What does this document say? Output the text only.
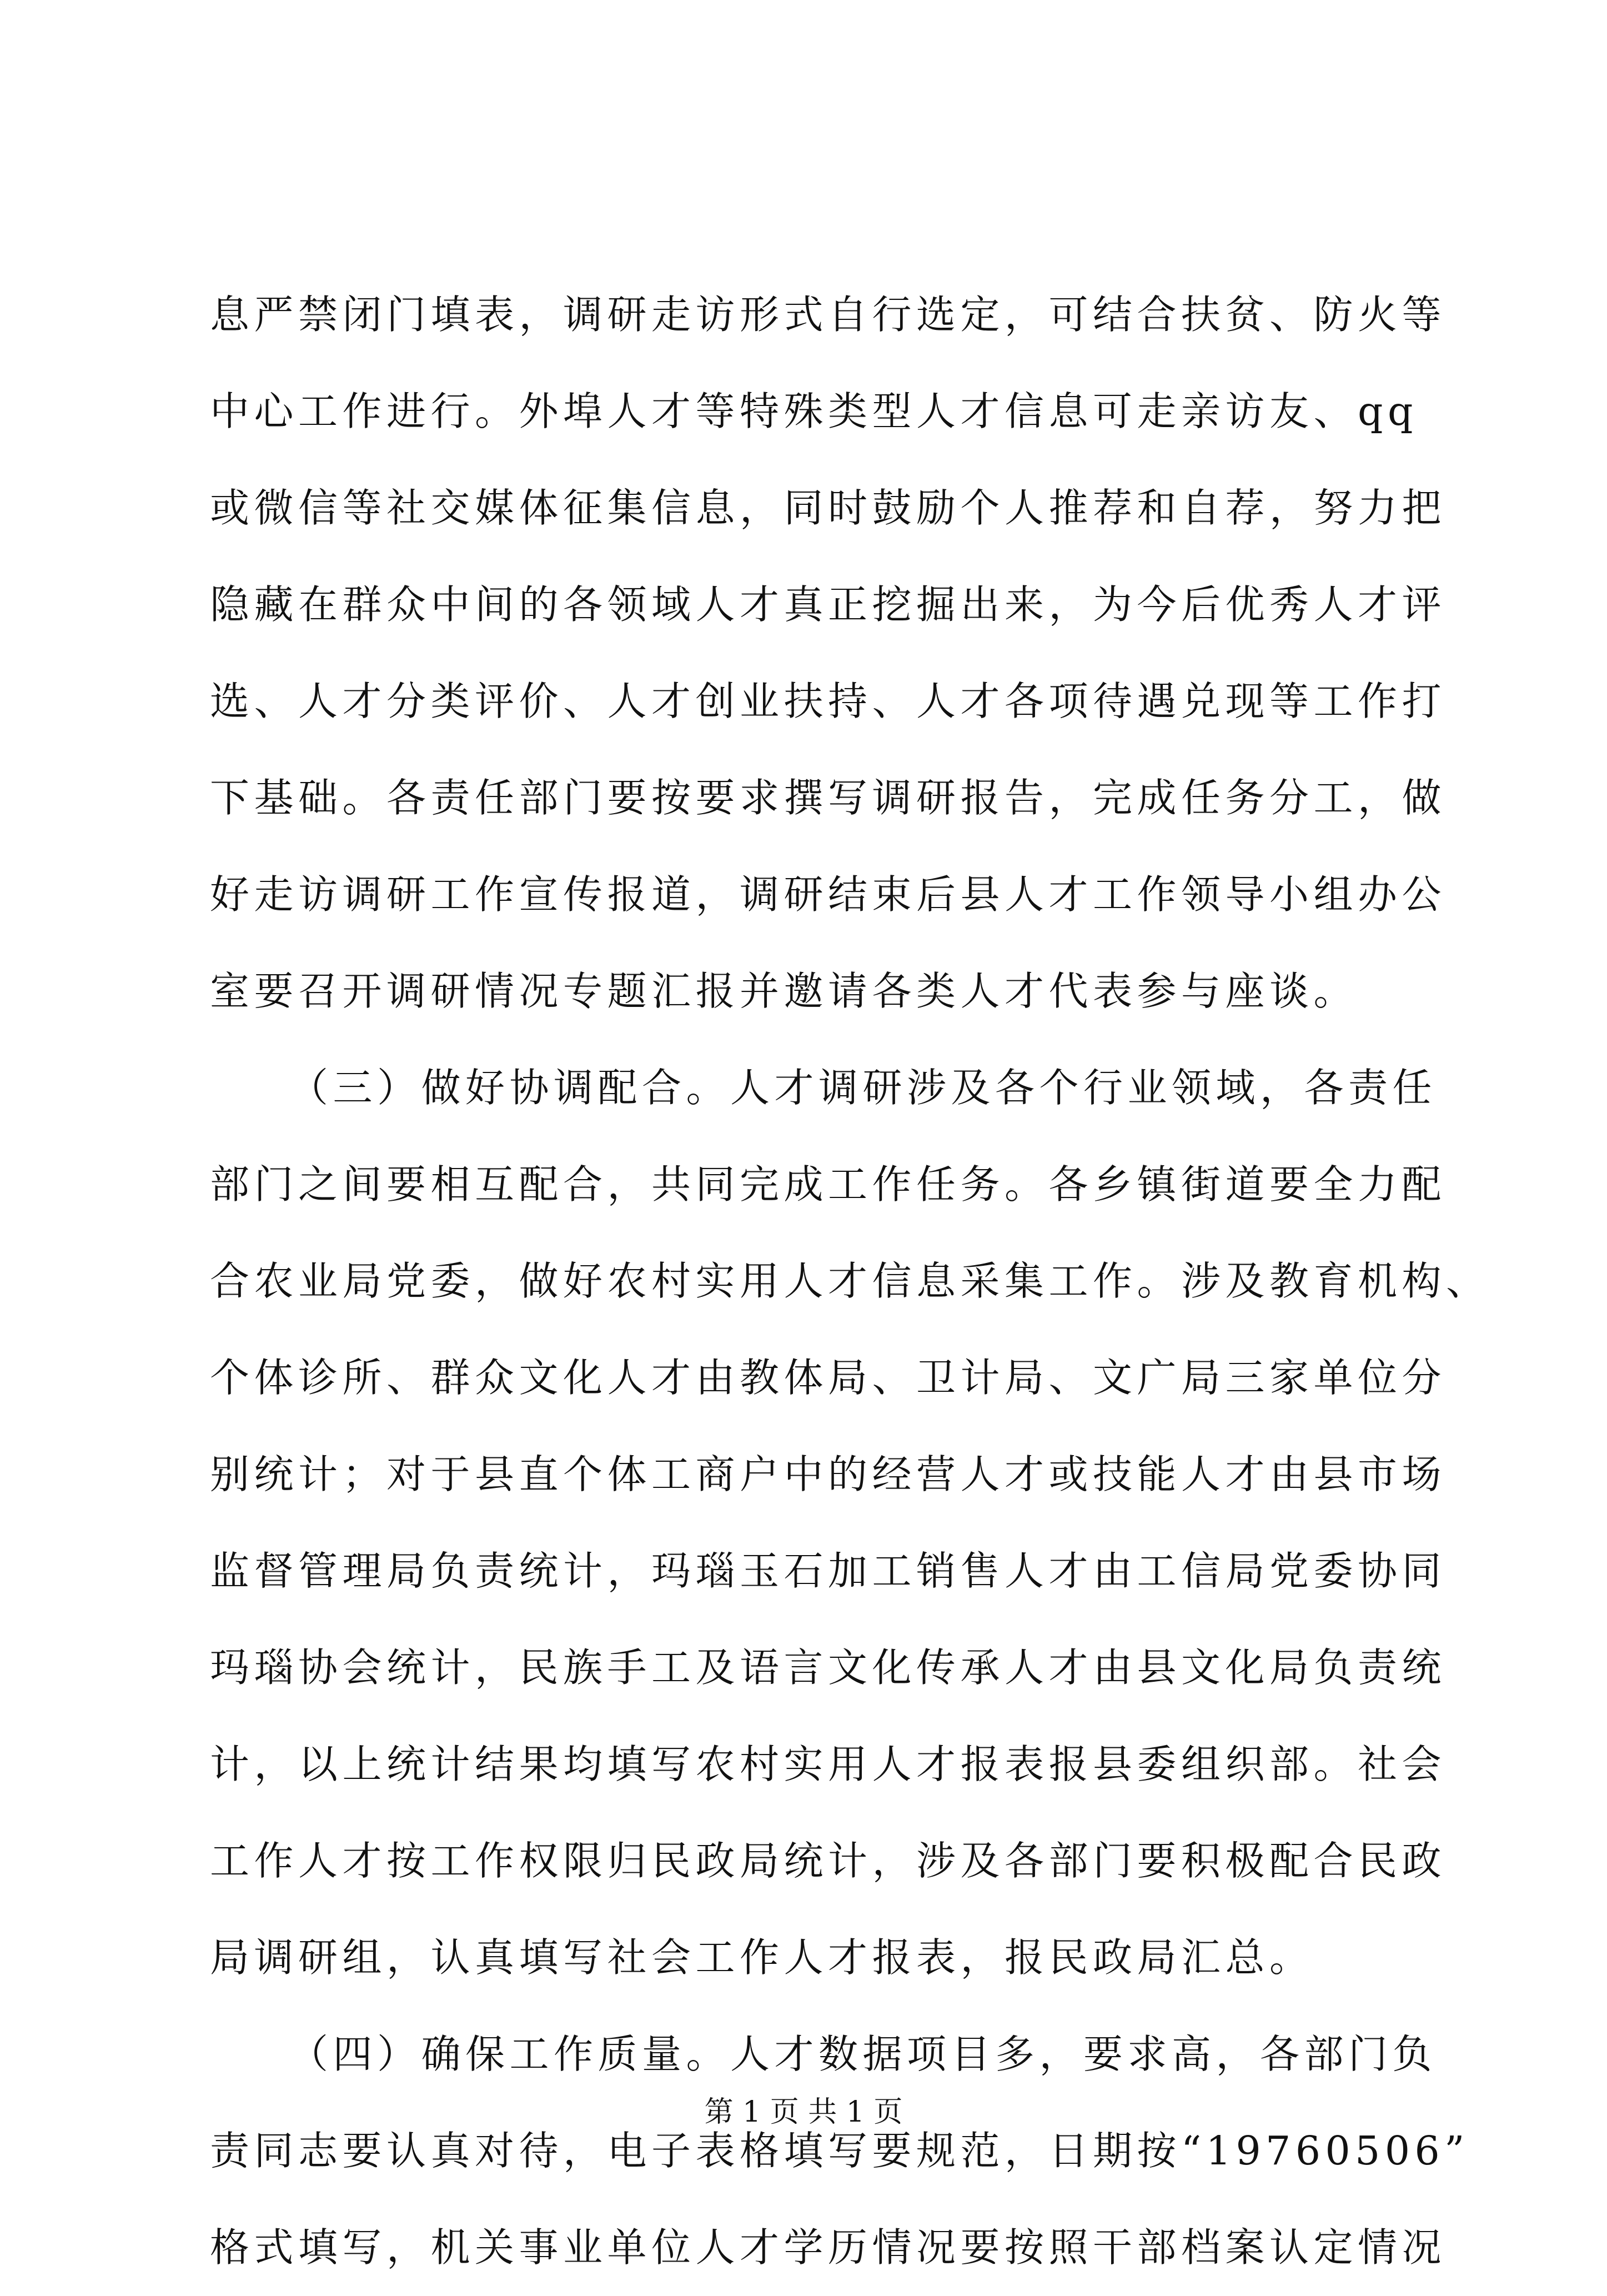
息严禁闭门填表，调研走访形式自行选定，可结合扶贫、防火等
中心工作进行。外埠人才等特殊类型人才信息可走亲访友、qq
或微信等社交媒体征集信息，同时鼓励个人推荐和自荐，努力把
隐藏在群众中间的各领域人才真正挖掘出来，为今后优秀人才评
选、人才分类评价、人才创业扶持、人才各项待遇兑现等工作打
下基础。各责任部门要按要求撰写调研报告，完成任务分工，做
好走访调研工作宣传报道，调研结束后县人才工作领导小组办公
室要召开调研情况专题汇报并邀请各类人才代表参与座谈。
（三）做好协调配合。人才调研涉及各个行业领域，各责任
部门之间要相互配合，共同完成工作任务。各乡镇街道要全力配
合农业局党委，做好农村实用人才信息采集工作。涉及教育机构、
个体诊所、群众文化人才由教体局、卫计局、文广局三家单位分
别统计；对于县直个体工商户中的经营人才或技能人才由县市场
监督管理局负责统计，玛瑙玉石加工销售人才由工信局党委协同
玛瑙协会统计，民族手工及语言文化传承人才由县文化局负责统
计，以上统计结果均填写农村实用人才报表报县委组织部。社会
工作人才按工作权限归民政局统计，涉及各部门要积极配合民政
局调研组，认真填写社会工作人才报表，报民政局汇总。
（四）确保工作质量。人才数据项目多，要求高，各部门负
责同志要认真对待，电子表格填写要规范，日期按“19760506”
格式填写，机关事业单位人才学历情况要按照干部档案认定情况
第 1 页 共 1 页
